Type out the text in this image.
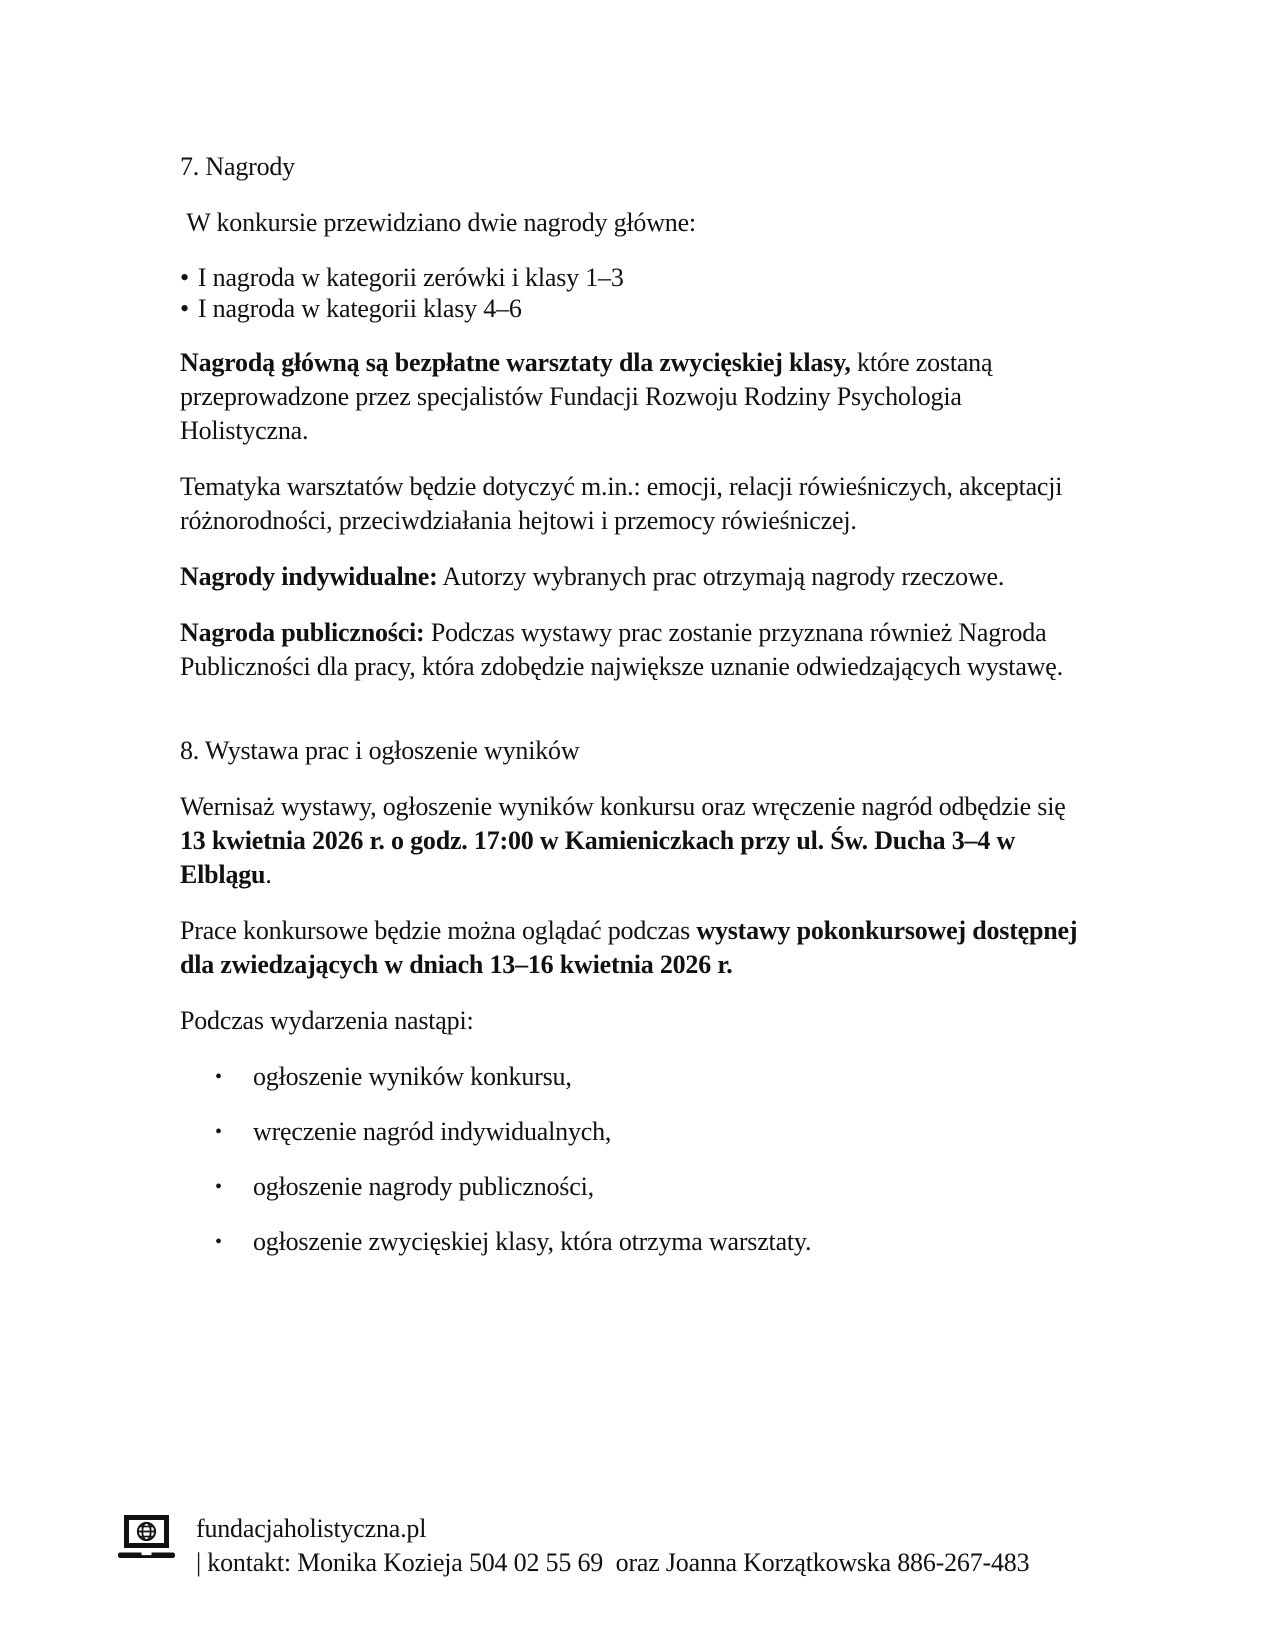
7. Nagrody

W konkursie przewidziano dwie nagrody główne:

• I nagroda w kategorii zerówki i klasy 1–3

• I nagroda w kategorii klasy 4–6

Nagrodą główną są bezpłatne warsztaty dla zwycięskiej klasy, które zostaną przeprowadzone przez specjalistów Fundacji Rozwoju Rodziny Psychologia Holistyczna.

Tematyka warsztatów będzie dotyczyć m.in.: emocji, relacji rówieśniczych, akceptacji różnorodności, przeciwdziałania hejtowi i przemocy rówieśniczej.

Nagrody indywidualne: Autorzy wybranych prac otrzymają nagrody rzeczowe.

Nagroda publiczności: Podczas wystawy prac zostanie przyznana również Nagroda Publiczności dla pracy, która zdobędzie największe uznanie odwiedzających wystawę.

8. Wystawa prac i ogłoszenie wyników

Wernisaż wystawy, ogłoszenie wyników konkursu oraz wręczenie nagród odbędzie się 13 kwietnia 2026 r. o godz. 17:00 w Kamieniczkach przy ul. Św. Ducha 3–4 w Elblągu.

Prace konkursowe będzie można oglądać podczas wystawy pokonkursowej dostępnej dla zwiedzających w dniach 13–16 kwietnia 2026 r.

Podczas wydarzenia nastąpi:

•	ogłoszenie wyników konkursu,
•	wręczenie nagród indywidualnych,
•	ogłoszenie nagrody publiczności,
•	ogłoszenie zwycięskiej klasy, która otrzyma warsztaty.
fundacjaholistyczna.pl
| kontakt: Monika Kozieja 504 02 55 69  oraz Joanna Korzątkowska 886-267-483
